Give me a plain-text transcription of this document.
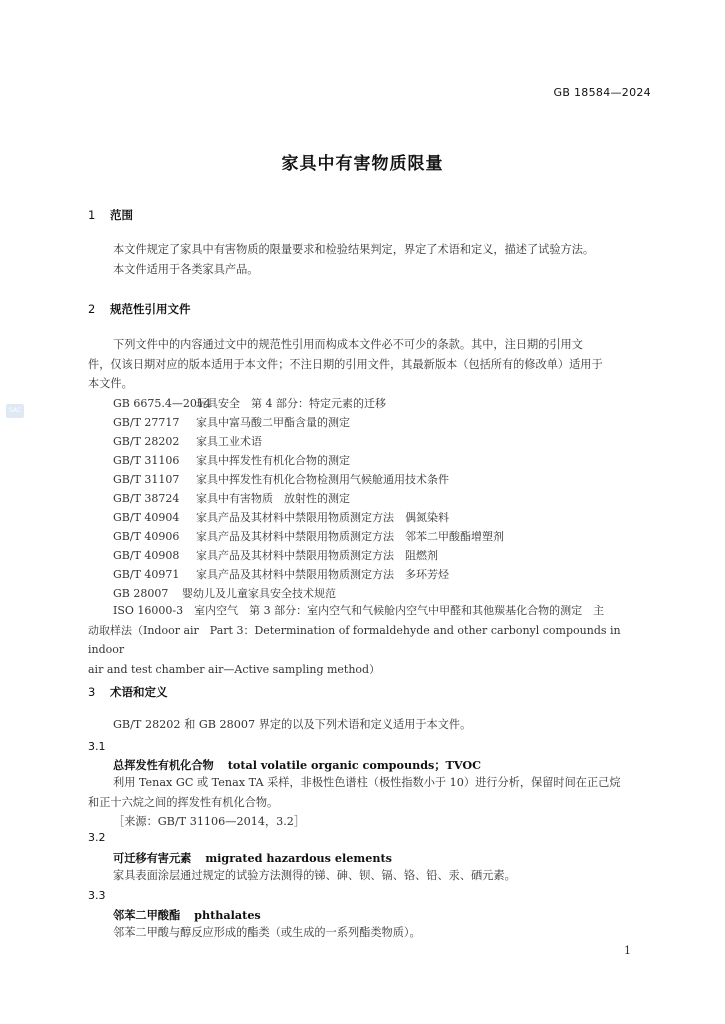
GB 18584—2024
家具中有害物质限量
SAC
1 范围
本文件规定了家具中有害物质的限量要求和检验结果判定，界定了术语和定义，描述了试验方法。
本文件适用于各类家具产品。
2 规范性引用文件
下列文件中的内容通过文中的规范性引用而构成本文件必不可少的条款。其中，注日期的引用文
件，仅该日期对应的版本适用于本文件；不注日期的引用文件，其最新版本（包括所有的修改单）适用于
本文件。
GB 6675.4—2014玩具安全　第 4 部分：特定元素的迁移
GB/T 27717 家具中富马酸二甲酯含量的测定
GB/T 28202 家具工业术语
GB/T 31106 家具中挥发性有机化合物的测定
GB/T 31107 家具中挥发性有机化合物检测用气候舱通用技术条件
GB/T 38724 家具中有害物质　放射性的测定
GB/T 40904 家具产品及其材料中禁限用物质测定方法　偶氮染料
GB/T 40906 家具产品及其材料中禁限用物质测定方法　邻苯二甲酸酯增塑剂
GB/T 40908 家具产品及其材料中禁限用物质测定方法　阻燃剂
GB/T 40971 家具产品及其材料中禁限用物质测定方法　多环芳烃
GB 28007 婴幼儿及儿童家具安全技术规范
ISO 16000-3　室内空气　第 3 部分：室内空气和气候舱内空气中甲醛和其他羰基化合物的测定　主
动取样法（Indoor air　Part 3：Determination of formaldehyde and other carbonyl compounds in indoor
air and test chamber air—Active sampling method）
3 术语和定义
GB/T 28202 和 GB 28007 界定的以及下列术语和定义适用于本文件。
3.1
总挥发性有机化合物 total volatile organic compounds；TVOC
利用 Tenax GC 或 Tenax TA 采样，非极性色谱柱（极性指数小于 10）进行分析，保留时间在正己烷
和正十六烷之间的挥发性有机化合物。
［来源：GB/T 31106—2014，3.2］
3.2
可迁移有害元素 migrated hazardous elements
家具表面涂层通过规定的试验方法测得的锑、砷、钡、镉、铬、铅、汞、硒元素。
3.3
邻苯二甲酸酯 phthalates
邻苯二甲酸与醇反应形成的酯类（或生成的一系列酯类物质）。
1
